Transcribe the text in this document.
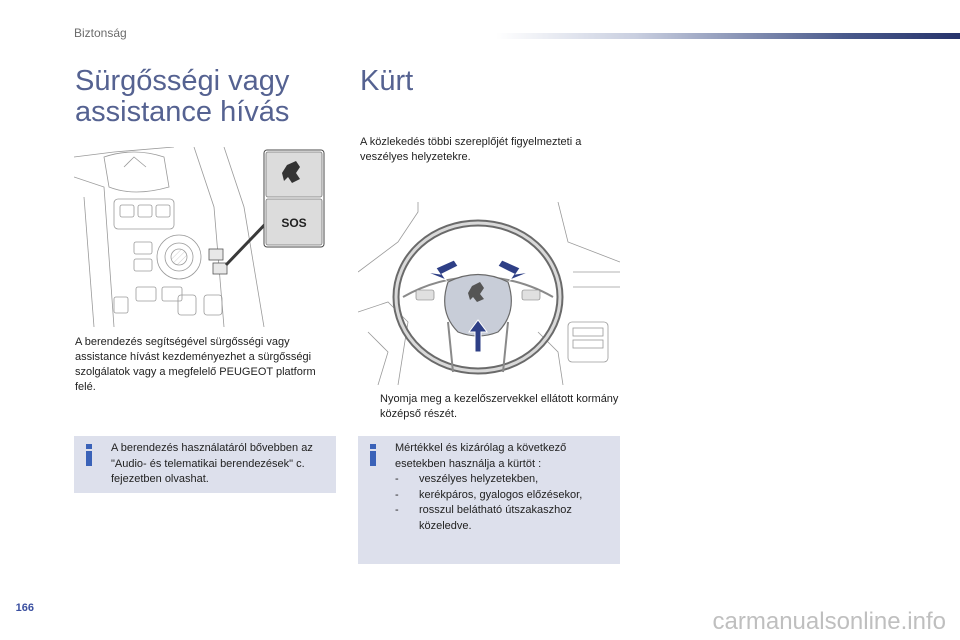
Biztonság
Sürgősségi vagy
assistance hívás
SOS
A berendezés segítségével sürgősségi vagy assistance hívást kezdeményezhet a sürgősségi szolgálatok vagy a megfelelő PEUGEOT platform felé.
A berendezés használatáról bővebben az "Audio- és telematikai berendezések" c. fejezetben olvashat.
Kürt
A közlekedés többi szereplőjét figyelmezteti a veszélyes helyzetekre.
Nyomja meg a kezelőszervekkel ellátott kormány középső részét.
Mértékkel és kizárólag a következő esetekben használja a kürtöt :
- veszélyes helyzetekben,
- kerékpáros, gyalogos előzésekor,
- rosszul belátható útszakaszhoz közeledve.
166	carmanualsonline.info
